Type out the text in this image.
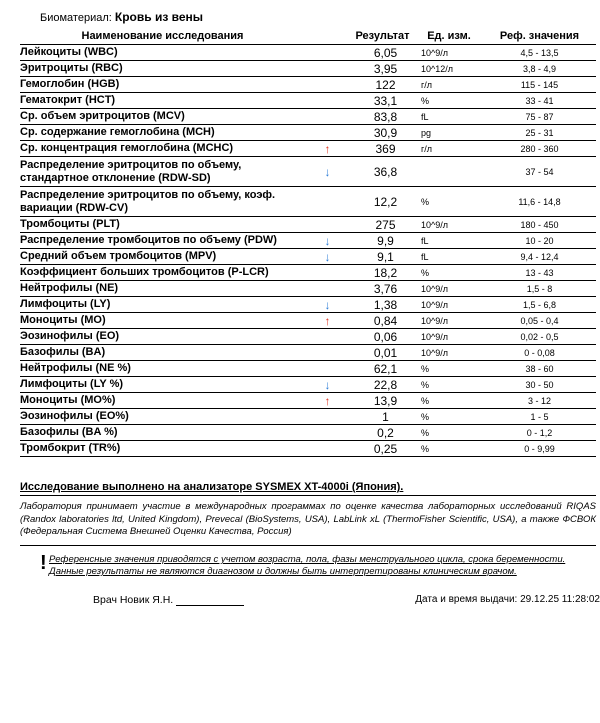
Биоматериал: Кровь из вены
Наименование исследования		Результат	Ед. изм.	Реф. значения
Лейкоциты (WBC)		6,05	10^9/л	4,5 - 13,5
Эритроциты (RBC)		3,95	10^12/л	3,8 - 4,9
Гемоглобин (HGB)		122	г/л	115 - 145
Гематокрит (HCT)		33,1	%	33 - 41
Ср. объем эритроцитов (MCV)		83,8	fL	75 - 87
Ср. содержание гемоглобина (MCH)		30,9	pg	25 - 31
Ср. концентрация гемоглобина (MCHC)	↑	369	г/л	280 - 360
Распределение эритроцитов по объему, стандартное отклонение (RDW-SD)	↓	36,8		37 - 54
Распределение эритроцитов по объему, коэф. вариации (RDW-CV)		12,2	%	11,6 - 14,8
Тромбоциты (PLT)		275	10^9/л	180 - 450
Распределение тромбоцитов по объему (PDW)	↓	9,9	fL	10 - 20
Средний объем тромбоцитов (MPV)	↓	9,1	fL	9,4 - 12,4
Коэффициент больших тромбоцитов (P-LCR)		18,2	%	13 - 43
Нейтрофилы (NE)		3,76	10^9/л	1,5 - 8
Лимфоциты (LY)	↓	1,38	10^9/л	1,5 - 6,8
Моноциты (MO)	↑	0,84	10^9/л	0,05 - 0,4
Эозинофилы (EO)		0,06	10^9/л	0,02 - 0,5
Базофилы (BA)		0,01	10^9/л	0 - 0,08
Нейтрофилы (NE %)		62,1	%	38 - 60
Лимфоциты (LY %)	↓	22,8	%	30 - 50
Моноциты (MO%)	↑	13,9	%	3 - 12
Эозинофилы (EO%)		1	%	1 - 5
Базофилы (BA %)		0,2	%	0 - 1,2
Тромбокрит (TR%)		0,25	%	0 - 9,99
Исследование выполнено на анализаторе SYSMEX XT-4000i (Япония).
Лаборатория принимает участие в международных программах по оценке качества лабораторных исследований RIQAS (Randox laboratories ltd, United Kingdom), Prevecal (BioSystems, USA), LabLink xL (ThermoFisher Scientific, USA), а также ФСВОК (Федеральная Система Внешней Оценки Качества, Россия)
! Референсные значения приводятся с учетом возраста, пола, фазы менструального цикла, срока беременности.
Данные результаты не являются диагнозом и должны быть интерпретированы клиническим врачом.
Врач Новик Я.Н.	Дата и время выдачи: 29.12.25 11:28:02
